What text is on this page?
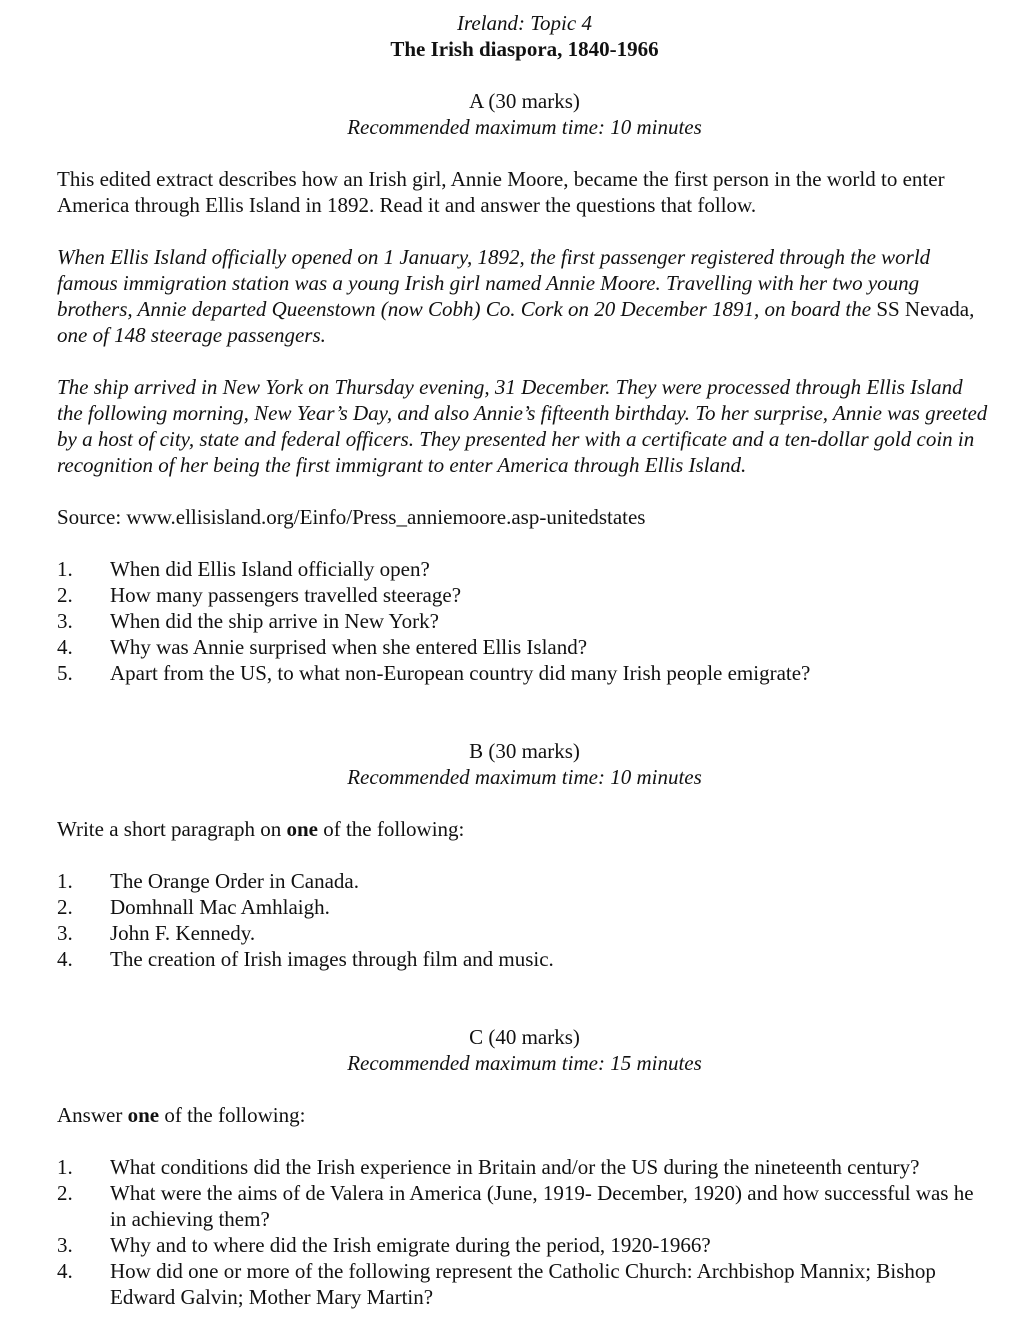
Ireland: Topic 4

The Irish diaspora, 1840-1966

A (30 marks)

Recommended maximum time: 10 minutes

This edited extract describes how an Irish girl, Annie Moore, became the first person in the world to enter America through Ellis Island in 1892. Read it and answer the questions that follow.

When Ellis Island officially opened on 1 January, 1892, the first passenger registered through the world famous immigration station was a young Irish girl named Annie Moore. Travelling with her two young brothers, Annie departed Queenstown (now Cobh) Co. Cork on 20 December 1891, on board the SS Nevada, one of 148 steerage passengers.

The ship arrived in New York on Thursday evening, 31 December. They were processed through Ellis Island the following morning, New Year’s Day, and also Annie’s fifteenth birthday. To her surprise, Annie was greeted by a host of city, state and federal officers. They presented her with a certificate and a ten-dollar gold coin in recognition of her being the first immigrant to enter America through Ellis Island.

Source: www.ellisisland.org/Einfo/Press_anniemoore.asp-unitedstates

1.	When did Ellis Island officially open?
2.	How many passengers travelled steerage?
3.	When did the ship arrive in New York?
4.	Why was Annie surprised when she entered Ellis Island?
5.	Apart from the US, to what non-European country did many Irish people emigrate?

B (30 marks)

Recommended maximum time: 10 minutes

Write a short paragraph on one of the following:

1.	The Orange Order in Canada.
2.	Domhnall Mac Amhlaigh.
3.	John F. Kennedy.
4.	The creation of Irish images through film and music.

C (40 marks)

Recommended maximum time: 15 minutes

Answer one of the following:

1.	What conditions did the Irish experience in Britain and/or the US during the nineteenth century?
2.	What were the aims of de Valera in America (June, 1919- December, 1920) and how successful was he in achieving them?
3.	Why and to where did the Irish emigrate during the period, 1920-1966?
4.	How did one or more of the following represent the Catholic Church: Archbishop Mannix; Bishop Edward Galvin; Mother Mary Martin?
